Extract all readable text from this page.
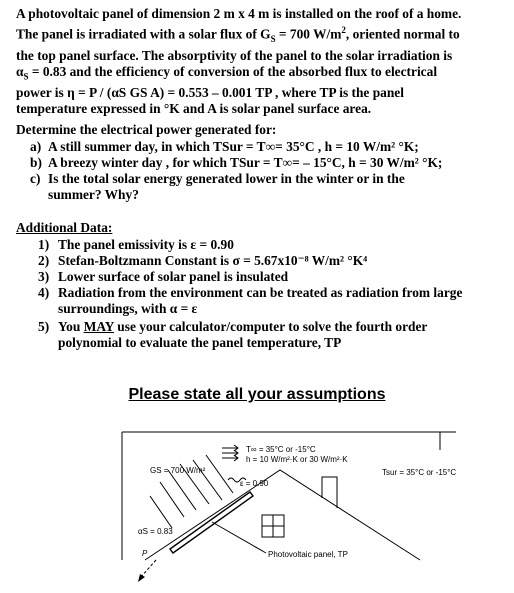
A photovoltaic panel of dimension 2 m x 4 m is installed on the roof of a home.
The panel is irradiated with a solar flux of $G_S = 700$ $W/m^2$, oriented normal to
the top panel surface. The absorptivity of the panel to the solar irradiation is
$\alpha_S = 0.83$ and the efficiency of conversion of the absorbed flux to electrical
power is η = P / (αS GS A) = 0.553 – 0.001 TP , where TP is the panel
temperature expressed in °K and A is solar panel surface area.
Determine the electrical power generated for:
a) A still summer day, in which TSur = T∞= 35°C , h = 10 W/m² °K;
b) A breezy winter day , for which TSur = T∞= – 15°C, h = 30 W/m² °K;
c) Is the total solar energy generated lower in the winter or in the
summer? Why?
Additional Data:
1) The panel emissivity is ε = 0.90
2) Stefan-Boltzmann Constant is σ = 5.67x10⁻⁸ W/m² °K⁴
3) Lower surface of solar panel is insulated
4) Radiation from the environment can be treated as radiation from large
surroundings, with α = ε
5) You MAY use your calculator/computer to solve the fourth order
polynomial to evaluate the panel temperature, TP
Please state all your assumptions
T∞ = 35°C or -15°C
h = 10 W/m²·K or 30 W/m²·K
GS = 700 W/m²	Tsur = 35°C or -15°C
ε = 0.90
αS = 0.83
P	Photovoltaic panel, TP
